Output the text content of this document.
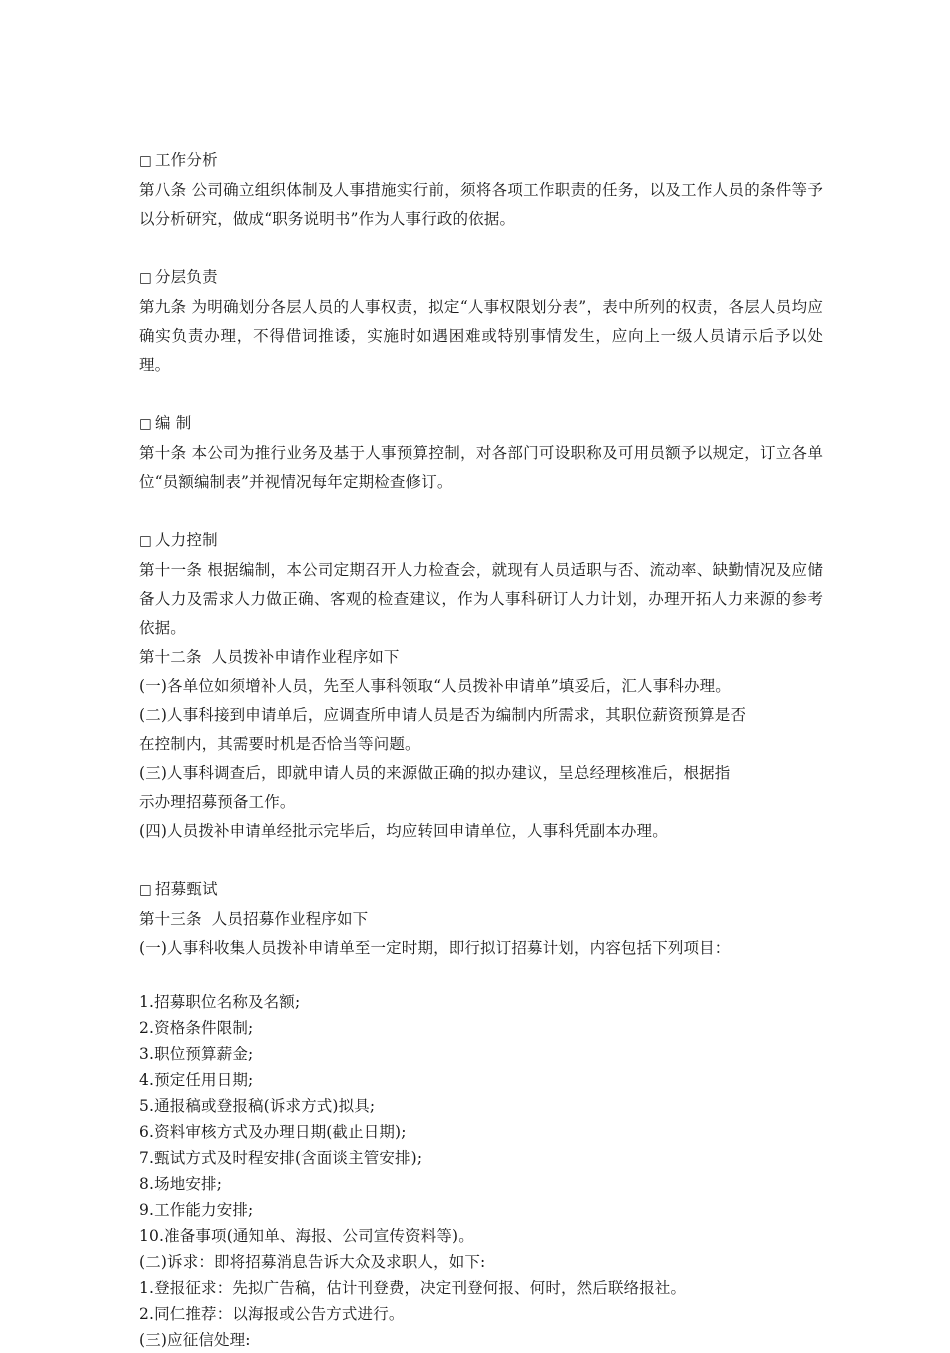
□ 工作分析
第八条 公司确立组织体制及人事措施实行前，须将各项工作职责的任务，以及工作人员的条件等予以分析研究，做成“职务说明书”作为人事行政的依据。
□ 分层负责
第九条 为明确划分各层人员的人事权责，拟定“人事权限划分表”，表中所列的权责，各层人员均应确实负责办理，不得借词推诿，实施时如遇困难或特别事情发生，应向上一级人员请示后予以处理。
□ 编 制
第十条 本公司为推行业务及基于人事预算控制，对各部门可设职称及可用员额予以规定，订立各单位“员额编制表”并视情况每年定期检查修订。
□ 人力控制
第十一条 根据编制，本公司定期召开人力检查会，就现有人员适职与否、流动率、缺勤情况及应储备人力及需求人力做正确、客观的检查建议，作为人事科研订人力计划，办理开拓人力来源的参考依据。
第十二条  人员拨补申请作业程序如下
(一)各单位如须增补人员，先至人事科领取“人员拨补申请单”填妥后，汇人事科办理。
(二)人事科接到申请单后，应调查所申请人员是否为编制内所需求，其职位薪资预算是否
在控制内，其需要时机是否恰当等问题。
(三)人事科调查后，即就申请人员的来源做正确的拟办建议，呈总经理核准后，根据指
示办理招募预备工作。
(四)人员拨补申请单经批示完毕后，均应转回申请单位，人事科凭副本办理。
□ 招募甄试
第十三条  人员招募作业程序如下
(一)人事科收集人员拨补申请单至一定时期，即行拟订招募计划，内容包括下列项目：
1.招募职位名称及名额;
2.资格条件限制;
3.职位预算薪金;
4.预定任用日期;
5.通报稿或登报稿(诉求方式)拟具;
6.资料审核方式及办理日期(截止日期);
7.甄试方式及时程安排(含面谈主管安排);
8.场地安排;
9.工作能力安排;
10.准备事项(通知单、海报、公司宣传资料等)。
(二)诉求：即将招募消息告诉大众及求职人，如下:
1.登报征求：先拟广告稿，估计刊登费，决定刊登何报、何时，然后联络报社。
2.同仁推荐：以海报或公告方式进行。
(三)应征信处理:
